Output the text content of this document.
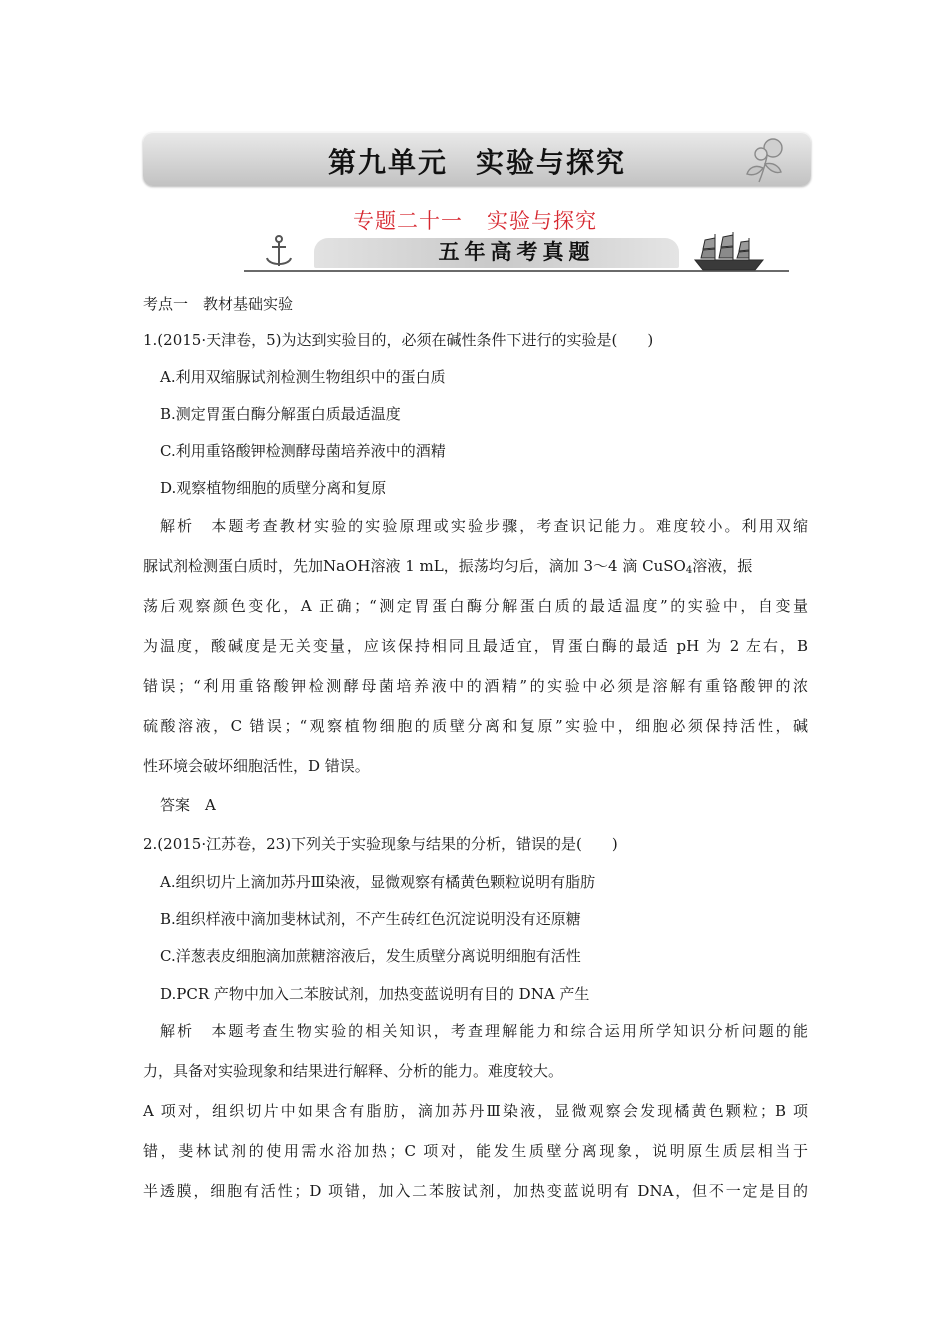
第九单元 实验与探究
专题二十一 实验与探究
五年高考真题
考点一　教材基础实验
1.(2015·天津卷，5)为达到实验目的，必须在碱性条件下进行的实验是(　　)
A.利用双缩脲试剂检测生物组织中的蛋白质
B.测定胃蛋白酶分解蛋白质最适温度
C.利用重铬酸钾检测酵母菌培养液中的酒精
D.观察植物细胞的质壁分离和复原
解析　本题考查教材实验的实验原理或实验步骤，考查识记能力。难度较小。利用双缩
脲试剂检测蛋白质时，先加NaOH溶液 1 mL，振荡均匀后，滴加 3～4 滴 CuSO$_4$溶液，振
荡后观察颜色变化，A 正确；“测定胃蛋白酶分解蛋白质的最适温度”的实验中，自变量
为温度，酸碱度是无关变量，应该保持相同且最适宜，胃蛋白酶的最适 pH 为 2 左右，B
错误；“利用重铬酸钾检测酵母菌培养液中的酒精”的实验中必须是溶解有重铬酸钾的浓
硫酸溶液，C 错误；“观察植物细胞的质壁分离和复原”实验中，细胞必须保持活性，碱
性环境会破坏细胞活性，D 错误。
答案　A
2.(2015·江苏卷，23)下列关于实验现象与结果的分析，错误的是(　　)
A.组织切片上滴加苏丹Ⅲ染液，显微观察有橘黄色颗粒说明有脂肪
B.组织样液中滴加斐林试剂，不产生砖红色沉淀说明没有还原糖
C.洋葱表皮细胞滴加蔗糖溶液后，发生质壁分离说明细胞有活性
D.PCR 产物中加入二苯胺试剂，加热变蓝说明有目的 DNA 产生
解析　本题考查生物实验的相关知识，考查理解能力和综合运用所学知识分析问题的能
力，具备对实验现象和结果进行解释、分析的能力。难度较大。
A 项对，组织切片中如果含有脂肪，滴加苏丹Ⅲ染液，显微观察会发现橘黄色颗粒；B 项
错，斐林试剂的使用需水浴加热；C 项对，能发生质壁分离现象，说明原生质层相当于
半透膜，细胞有活性；D 项错，加入二苯胺试剂，加热变蓝说明有 DNA，但不一定是目的
